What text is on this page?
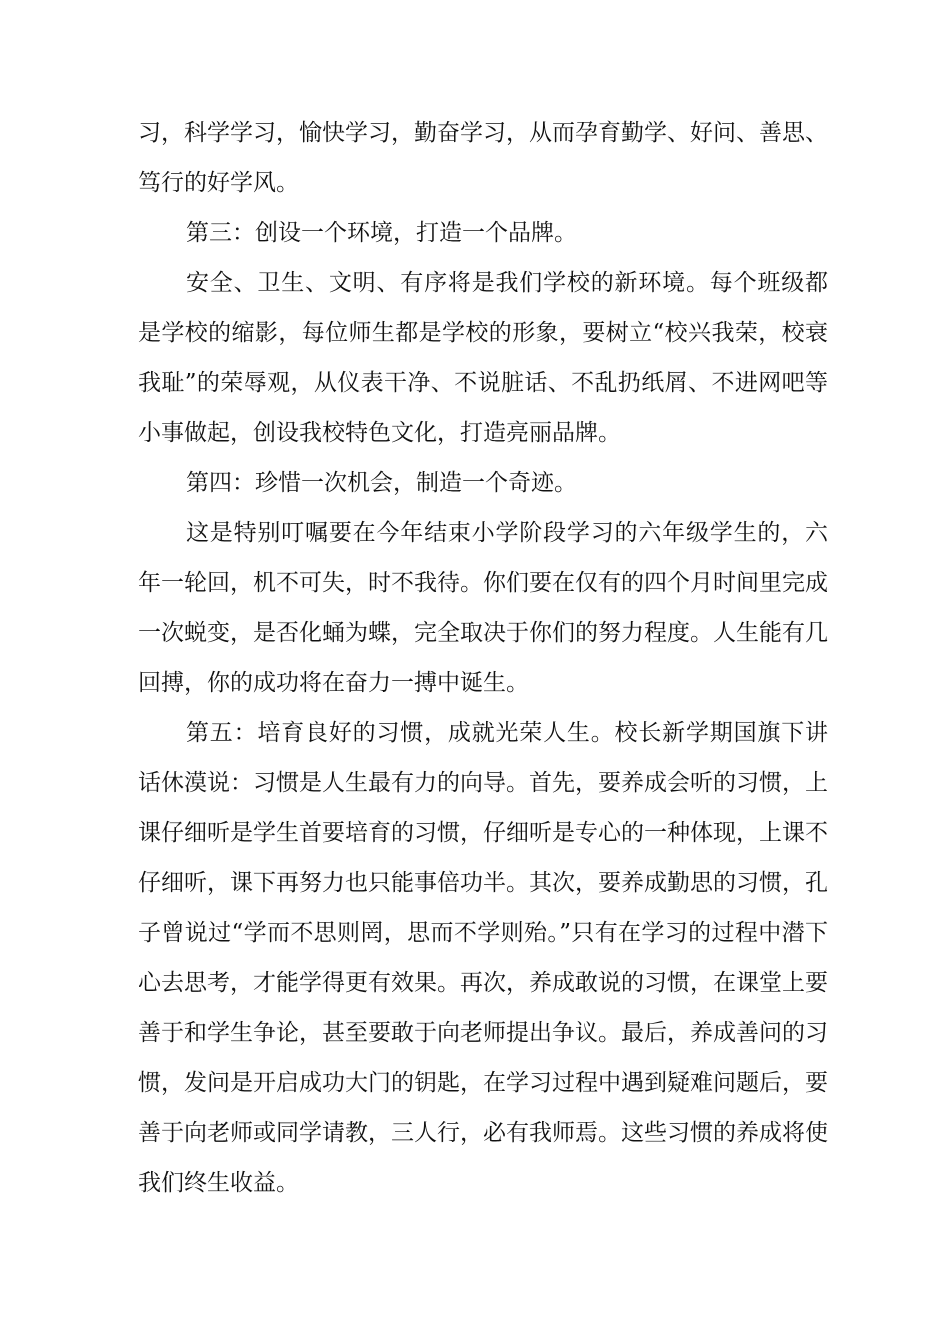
习，科学学习，愉快学习，勤奋学习，从而孕育勤学、好问、善思、笃行的好学风。

第三：创设一个环境，打造一个品牌。

安全、卫生、文明、有序将是我们学校的新环境。每个班级都是学校的缩影，每位师生都是学校的形象，要树立“校兴我荣，校衰我耻”的荣辱观，从仪表干净、不说脏话、不乱扔纸屑、不进网吧等小事做起，创设我校特色文化，打造亮丽品牌。

第四：珍惜一次机会，制造一个奇迹。

这是特别叮嘱要在今年结束小学阶段学习的六年级学生的，六年一轮回，机不可失，时不我待。你们要在仅有的四个月时间里完成一次蜕变，是否化蛹为蝶，完全取决于你们的努力程度。人生能有几回搏，你的成功将在奋力一搏中诞生。

第五：培育良好的习惯，成就光荣人生。校长新学期国旗下讲话休漠说：习惯是人生最有力的向导。首先，要养成会听的习惯，上课仔细听是学生首要培育的习惯，仔细听是专心的一种体现，上课不仔细听，课下再努力也只能事倍功半。其次，要养成勤思的习惯，孔子曾说过“学而不思则罔，思而不学则殆。”只有在学习的过程中潜下心去思考，才能学得更有效果。再次，养成敢说的习惯，在课堂上要善于和学生争论，甚至要敢于向老师提出争议。最后，养成善问的习惯，发问是开启成功大门的钥匙，在学习过程中遇到疑难问题后，要善于向老师或同学请教，三人行，必有我师焉。这些习惯的养成将使我们终生收益。
